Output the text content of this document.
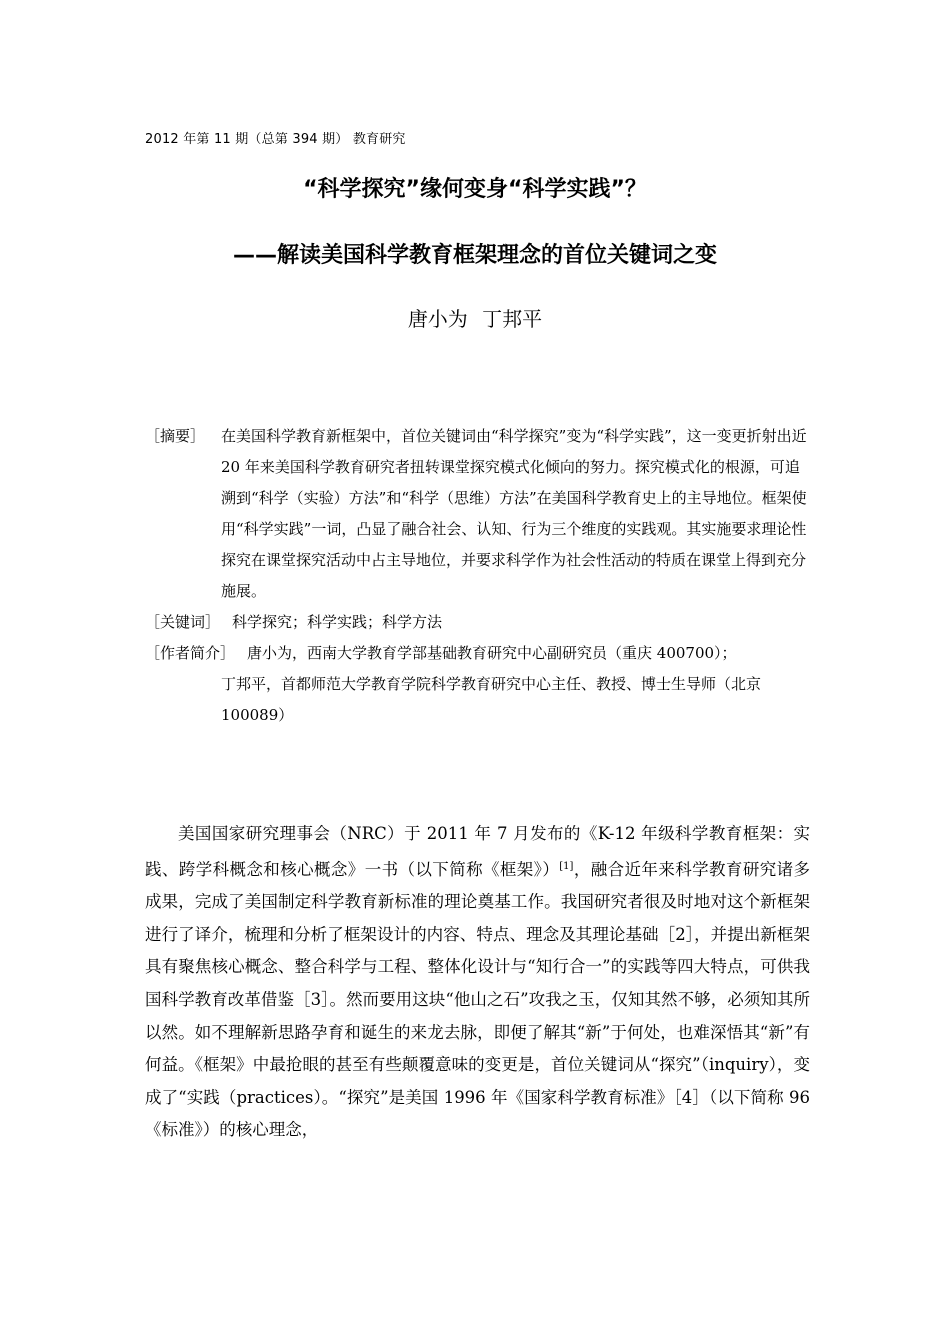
2012 年第 11 期（总第 394 期） 教育研究
“科学探究”缘何变身“科学实践”？
——解读美国科学教育框架理念的首位关键词之变
唐小为 丁邦平
［摘要］	在美国科学教育新框架中，首位关键词由“科学探究”变为“科学实践”，这一变更折射出近 20 年来美国科学教育研究者扭转课堂探究模式化倾向的努力。探究模式化的根源，可追溯到“科学（实验）方法”和“科学（思维）方法”在美国科学教育史上的主导地位。框架使用“科学实践”一词，凸显了融合社会、认知、行为三个维度的实践观。其实施要求理论性探究在课堂探究活动中占主导地位，并要求科学作为社会性活动的特质在课堂上得到充分施展。
［关键词］ 科学探究；科学实践；科学方法
［作者简介］ 唐小为，西南大学教育学部基础教育研究中心副研究员（重庆 400700）；
丁邦平，首都师范大学教育学院科学教育研究中心主任、教授、博士生导师（北京 100089）
美国国家研究理事会（NRC）于 2011 年 7 月发布的《K-12 年级科学教育框架：实践、跨学科概念和核心概念》一书（以下简称《框架》）[1]，融合近年来科学教育研究诸多成果，完成了美国制定科学教育新标准的理论奠基工作。我国研究者很及时地对这个新框架进行了译介，梳理和分析了框架设计的内容、特点、理念及其理论基础［2］，并提出新框架具有聚焦核心概念、整合科学与工程、整体化设计与“知行合一”的实践等四大特点，可供我国科学教育改革借鉴［3］。然而要用这块“他山之石”攻我之玉，仅知其然不够，必须知其所以然。如不理解新思路孕育和诞生的来龙去脉，即便了解其“新”于何处，也难深悟其“新”有何益。《框架》中最抢眼的甚至有些颠覆意味的变更是，首位关键词从“探究”（inquiry），变成了“实践（practices）。“探究”是美国 1996 年《国家科学教育标准》［4］（以下简称 96《标准》）的核心理念，
